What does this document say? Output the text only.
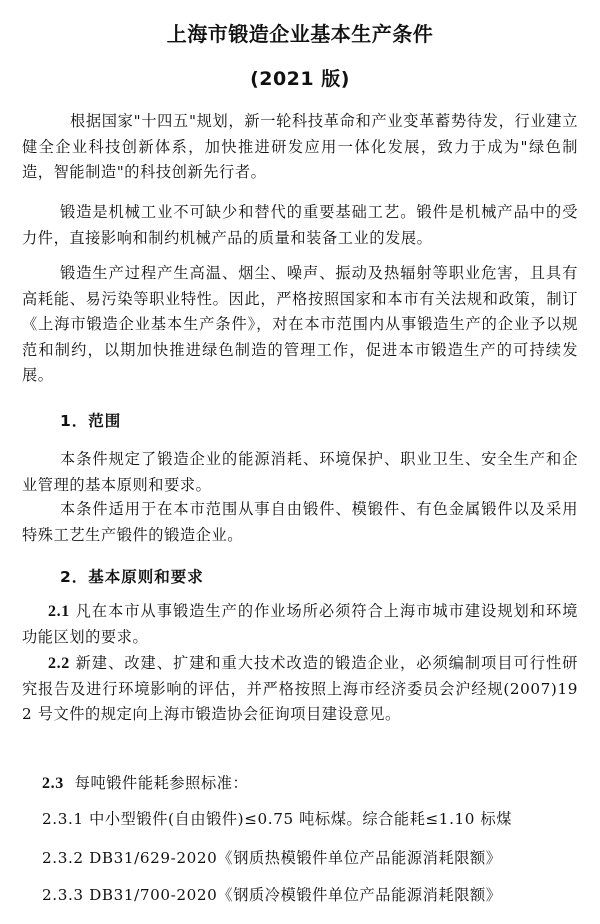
上海市锻造企业基本生产条件
(2021 版)
根据国家"十四五"规划，新一轮科技革命和产业变革蓄势待发，行业建立健全企业科技创新体系，加快推进研发应用一体化发展，致力于成为"绿色制造，智能制造"的科技创新先行者。
锻造是机械工业不可缺少和替代的重要基础工艺。锻件是机械产品中的受力件，直接影响和制约机械产品的质量和装备工业的发展。
锻造生产过程产生高温、烟尘、噪声、振动及热辐射等职业危害，且具有高耗能、易污染等职业特性。因此，严格按照国家和本市有关法规和政策，制订《上海市锻造企业基本生产条件》，对在本市范围内从事锻造生产的企业予以规范和制约，以期加快推进绿色制造的管理工作，促进本市锻造生产的可持续发展。
1．范围
本条件规定了锻造企业的能源消耗、环境保护、职业卫生、安全生产和企业管理的基本原则和要求。
本条件适用于在本市范围从事自由锻件、模锻件、有色金属锻件以及采用特殊工艺生产锻件的锻造企业。
2．基本原则和要求
2.1 凡在本市从事锻造生产的作业场所必须符合上海市城市建设规划和环境功能区划的要求。
2.2 新建、改建、扩建和重大技术改造的锻造企业，必须编制项目可行性研究报告及进行环境影响的评估，并严格按照上海市经济委员会沪经规(2007)192 号文件的规定向上海市锻造协会征询项目建设意见。
2.3 每吨锻件能耗参照标准：
2.3.1 中小型锻件(自由锻件)≤0.75 吨标煤。综合能耗≤1.10 标煤
2.3.2 DB31/629-2020《钢质热模锻件单位产品能源消耗限额》
2.3.3 DB31/700-2020《钢质冷模锻件单位产品能源消耗限额》
